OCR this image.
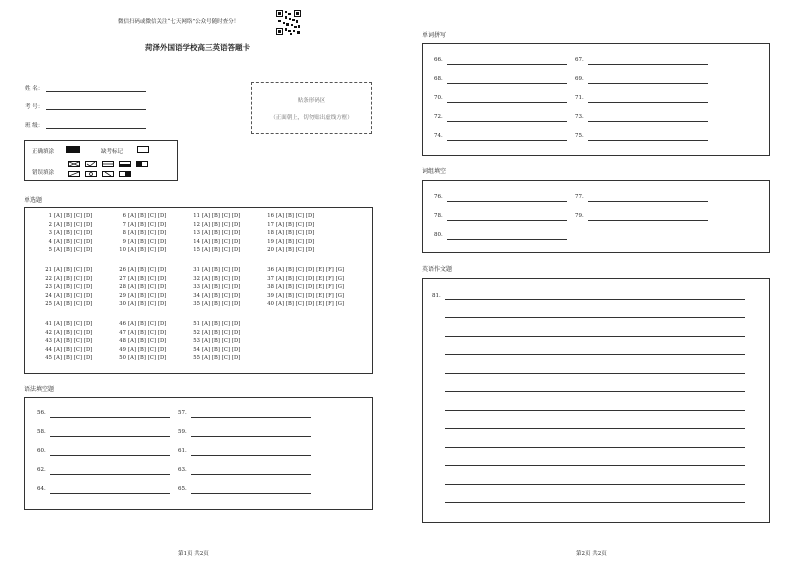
微信扫码或微信关注“七天网络”公众号随时查分！
菏泽外国语学校高三英语答题卡
姓 名：
考 号：
班 级：
贴条形码区
（正面朝上，切勿贴出虚线方框）
正确填涂	缺考标记
错误填涂
单选题
1 [A] [B] [C] [D]
2 [A] [B] [C] [D]
3 [A] [B] [C] [D]
4 [A] [B] [C] [D]
5 [A] [B] [C] [D]
6 [A] [B] [C] [D]
7 [A] [B] [C] [D]
8 [A] [B] [C] [D]
9 [A] [B] [C] [D]
10 [A] [B] [C] [D]
11 [A] [B] [C] [D]
12 [A] [B] [C] [D]
13 [A] [B] [C] [D]
14 [A] [B] [C] [D]
15 [A] [B] [C] [D]
16 [A] [B] [C] [D]
17 [A] [B] [C] [D]
18 [A] [B] [C] [D]
19 [A] [B] [C] [D]
20 [A] [B] [C] [D]
21 [A] [B] [C] [D]
22 [A] [B] [C] [D]
23 [A] [B] [C] [D]
24 [A] [B] [C] [D]
25 [A] [B] [C] [D]
26 [A] [B] [C] [D]
27 [A] [B] [C] [D]
28 [A] [B] [C] [D]
29 [A] [B] [C] [D]
30 [A] [B] [C] [D]
31 [A] [B] [C] [D]
32 [A] [B] [C] [D]
33 [A] [B] [C] [D]
34 [A] [B] [C] [D]
35 [A] [B] [C] [D]
36 [A] [B] [C] [D] [E] [F] [G]
37 [A] [B] [C] [D] [E] [F] [G]
38 [A] [B] [C] [D] [E] [F] [G]
39 [A] [B] [C] [D] [E] [F] [G]
40 [A] [B] [C] [D] [E] [F] [G]
41 [A] [B] [C] [D]
42 [A] [B] [C] [D]
43 [A] [B] [C] [D]
44 [A] [B] [C] [D]
45 [A] [B] [C] [D]
46 [A] [B] [C] [D]
47 [A] [B] [C] [D]
48 [A] [B] [C] [D]
49 [A] [B] [C] [D]
50 [A] [B] [C] [D]
51 [A] [B] [C] [D]
52 [A] [B] [C] [D]
53 [A] [B] [C] [D]
54 [A] [B] [C] [D]
55 [A] [B] [C] [D]
语法填空题
56.	57.
58.	59.
60.	61.
62.	63.
64.	65.
第1页 共2页
单词拼写
66.	67.
68.	69.
70.	71.
72.	73.
74.	75.
词组填空
76.	77.
78.	79.
80.
英语作文题
81.
第2页 共2页
